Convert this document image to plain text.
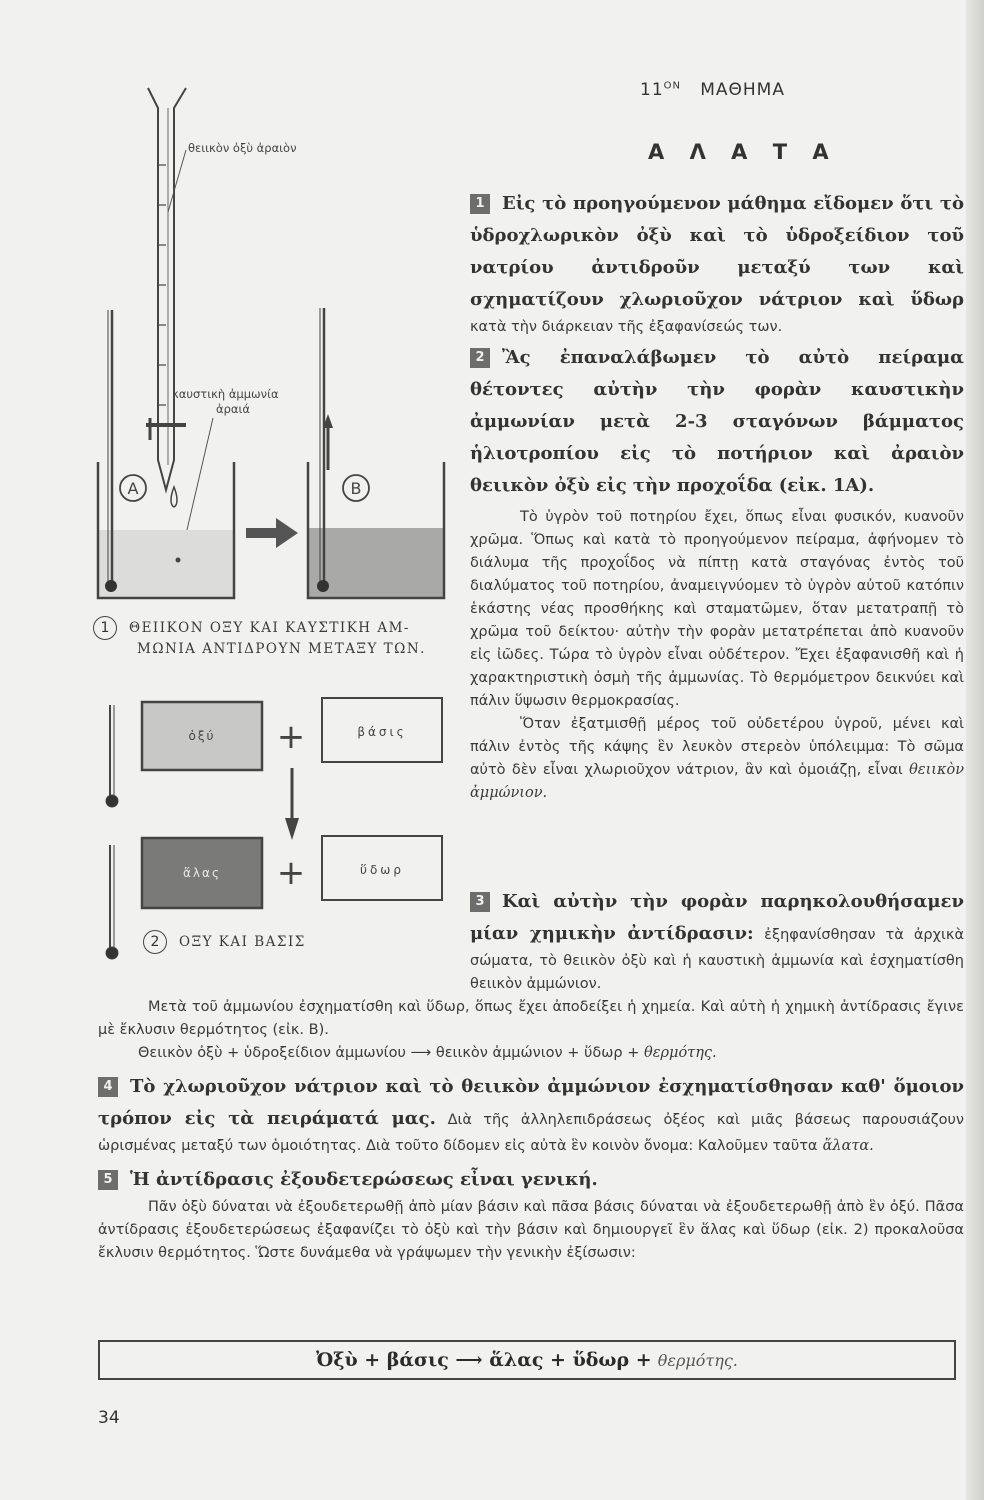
$11^{ON}$ ΜΑΘΗΜΑ
Α Λ Α Τ Α
θειικὸν ὀξὺ ἀραιὸν
καυστικὴ ἀμμωνία
ἀραιά
A	B
ὀξύ +	βάσις
ἅλας +	ὕδωρ
1 ΘΕΙΙΚΟΝ ΟΞΥ ΚΑΙ ΚΑΥΣΤΙΚΗ ΑΜ-
ΜΩΝΙΑ ΑΝΤΙΔΡΟΥΝ ΜΕΤΑΞΥ ΤΩΝ.
2 ΟΞΥ ΚΑΙ ΒΑΣΙΣ

1 Εἰς τὸ προηγούμενον μάθημα εἴδομεν ὅτι τὸ ὑδροχλωρικὸν ὀξὺ καὶ τὸ ὑδροξείδιον τοῦ νατρίου ἀντιδροῦν μεταξύ των καὶ σχηματίζουν χλωριοῦχον νάτριον καὶ ὕδωρ κατὰ τὴν διάρκειαν τῆς ἐξαφανίσεώς των.

2 Ἂς ἐπαναλάβωμεν τὸ αὐτὸ πείραμα θέτοντες αὐτὴν τὴν φορὰν καυστικὴν ἀμμωνίαν μετὰ 2-3 σταγόνων βάμματος ἡλιοτροπίου εἰς τὸ ποτήριον καὶ ἀραιὸν θειικὸν ὀξὺ εἰς τὴν προχοΐδα (εἰκ. 1Α).

Τὸ ὑγρὸν τοῦ ποτηρίου ἔχει, ὅπως εἶναι φυσικόν, κυανοῦν χρῶμα. Ὅπως καὶ κατὰ τὸ προηγούμενον πείραμα, ἀφήνομεν τὸ διάλυμα τῆς προχοΐδος νὰ πίπτῃ κατὰ σταγόνας ἐντὸς τοῦ διαλύματος τοῦ ποτηρίου, ἀναμειγνύομεν τὸ ὑγρὸν αὐτοῦ κατόπιν ἑκάστης νέας προσθήκης καὶ σταματῶμεν, ὅταν μετατραπῇ τὸ χρῶμα τοῦ δείκτου· αὐτὴν τὴν φορὰν μετατρέπεται ἀπὸ κυανοῦν εἰς ἰῶδες. Τώρα τὸ ὑγρὸν εἶναι οὐδέτερον. Ἔχει ἐξαφανισθῆ καὶ ἡ χαρακτηριστικὴ ὀσμὴ τῆς ἀμμωνίας. Τὸ θερμόμετρον δεικνύει καὶ πάλιν ὕψωσιν θερμοκρασίας.

Ὅταν ἐξατμισθῇ μέρος τοῦ οὐδετέρου ὑγροῦ, μένει καὶ πάλιν ἐντὸς τῆς κάψης ἓν λευκὸν στερεὸν ὑπόλειμμα: Τὸ σῶμα αὐτὸ δὲν εἶναι χλωριοῦχον νάτριον, ἂν καὶ ὁμοιάζῃ, εἶναι θειικὸν ἀμμώνιον.

3 Καὶ αὐτὴν τὴν φορὰν παρηκολουθήσαμεν μίαν χημικὴν ἀντίδρασιν: ἐξηφανίσθησαν τὰ ἀρχικὰ σώματα, τὸ θειικὸν ὀξὺ καὶ ἡ καυστικὴ ἀμμωνία καὶ ἐσχηματίσθη θειικὸν ἀμμώνιον.

Μετὰ τοῦ ἀμμωνίου ἐσχηματίσθη καὶ ὕδωρ, ὅπως ἔχει ἀποδείξει ἡ χημεία. Καὶ αὐτὴ ἡ χημικὴ ἀντίδρασις ἔγινε μὲ ἔκλυσιν θερμότητος (εἰκ. Β).

Θειικὸν ὀξὺ + ὑδροξείδιον ἀμμωνίου ⟶ θειικὸν ἀμμώνιον + ὕδωρ + θερμότης.

4 Τὸ χλωριοῦχον νάτριον καὶ τὸ θειικὸν ἀμμώνιον ἐσχηματίσθησαν καθ' ὅμοιον τρόπον εἰς τὰ πειράματά μας. Διὰ τῆς ἀλληλεπιδράσεως ὀξέος καὶ μιᾶς βάσεως παρουσιάζουν ὡρισμένας μεταξύ των ὁμοιότητας. Διὰ τοῦτο δίδομεν εἰς αὐτὰ ἓν κοινὸν ὄνομα: Καλοῦμεν ταῦτα ἅλατα.

5 Ἡ ἀντίδρασις ἐξουδετερώσεως εἶναι γενική.

Πᾶν ὀξὺ δύναται νὰ ἐξουδετερωθῇ ἀπὸ μίαν βάσιν καὶ πᾶσα βάσις δύναται νὰ ἐξουδετερωθῇ ἀπὸ ἓν ὀξύ. Πᾶσα ἀντίδρασις ἐξουδετερώσεως ἐξαφανίζει τὸ ὀξὺ καὶ τὴν βάσιν καὶ δημιουργεῖ ἓν ἅλας καὶ ὕδωρ (εἰκ. 2) προκαλοῦσα ἔκλυσιν θερμότητος. Ὥστε δυνάμεθα νὰ γράψωμεν τὴν γενικὴν ἐξίσωσιν:

Ὀξὺ + βάσις ⟶ ἅλας + ὕδωρ + θερμότης.
34
